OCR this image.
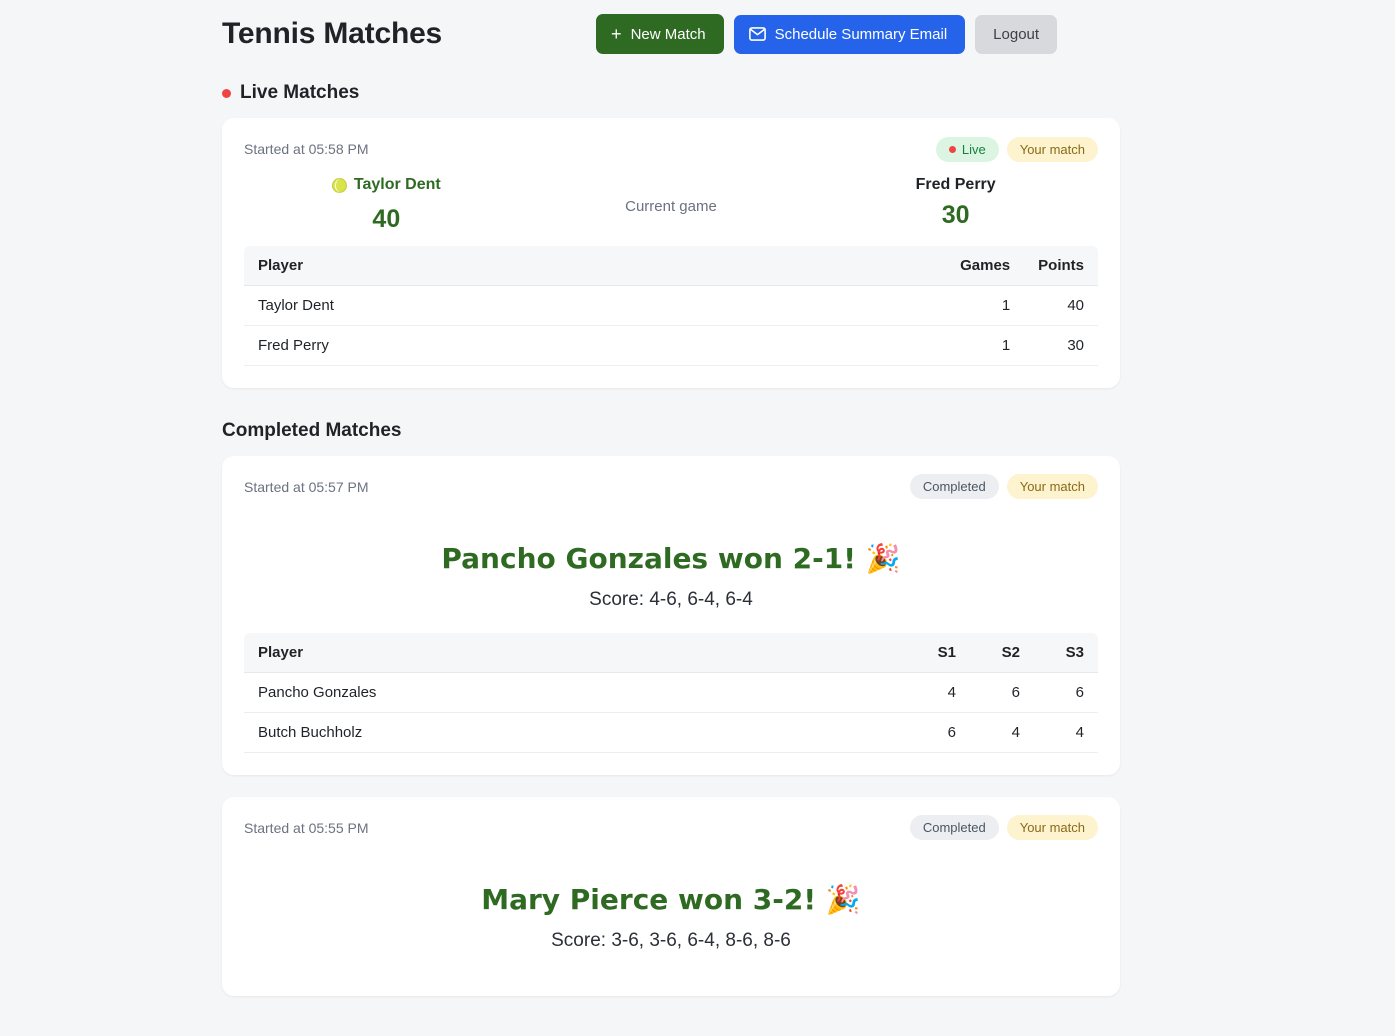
Tennis Matches	+ New Match	Schedule Summary Email	Logout
Live Matches
Started at 05:58 PM	Live	Your match
Taylor Dent
40	Current game
Fred Perry
30
Player	Games	Points
Taylor Dent	1	40
Fred Perry	1	30
Completed Matches
Started at 05:57 PM	Completed	Your match
Pancho Gonzales won 2-1! 🎉
Score: 4-6, 6-4, 6-4
Player	S1	S2	S3
Pancho Gonzales	4	6	6
Butch Buchholz	6	4	4
Started at 05:55 PM	Completed	Your match
Mary Pierce won 3-2! 🎉
Score: 3-6, 3-6, 6-4, 8-6, 8-6
